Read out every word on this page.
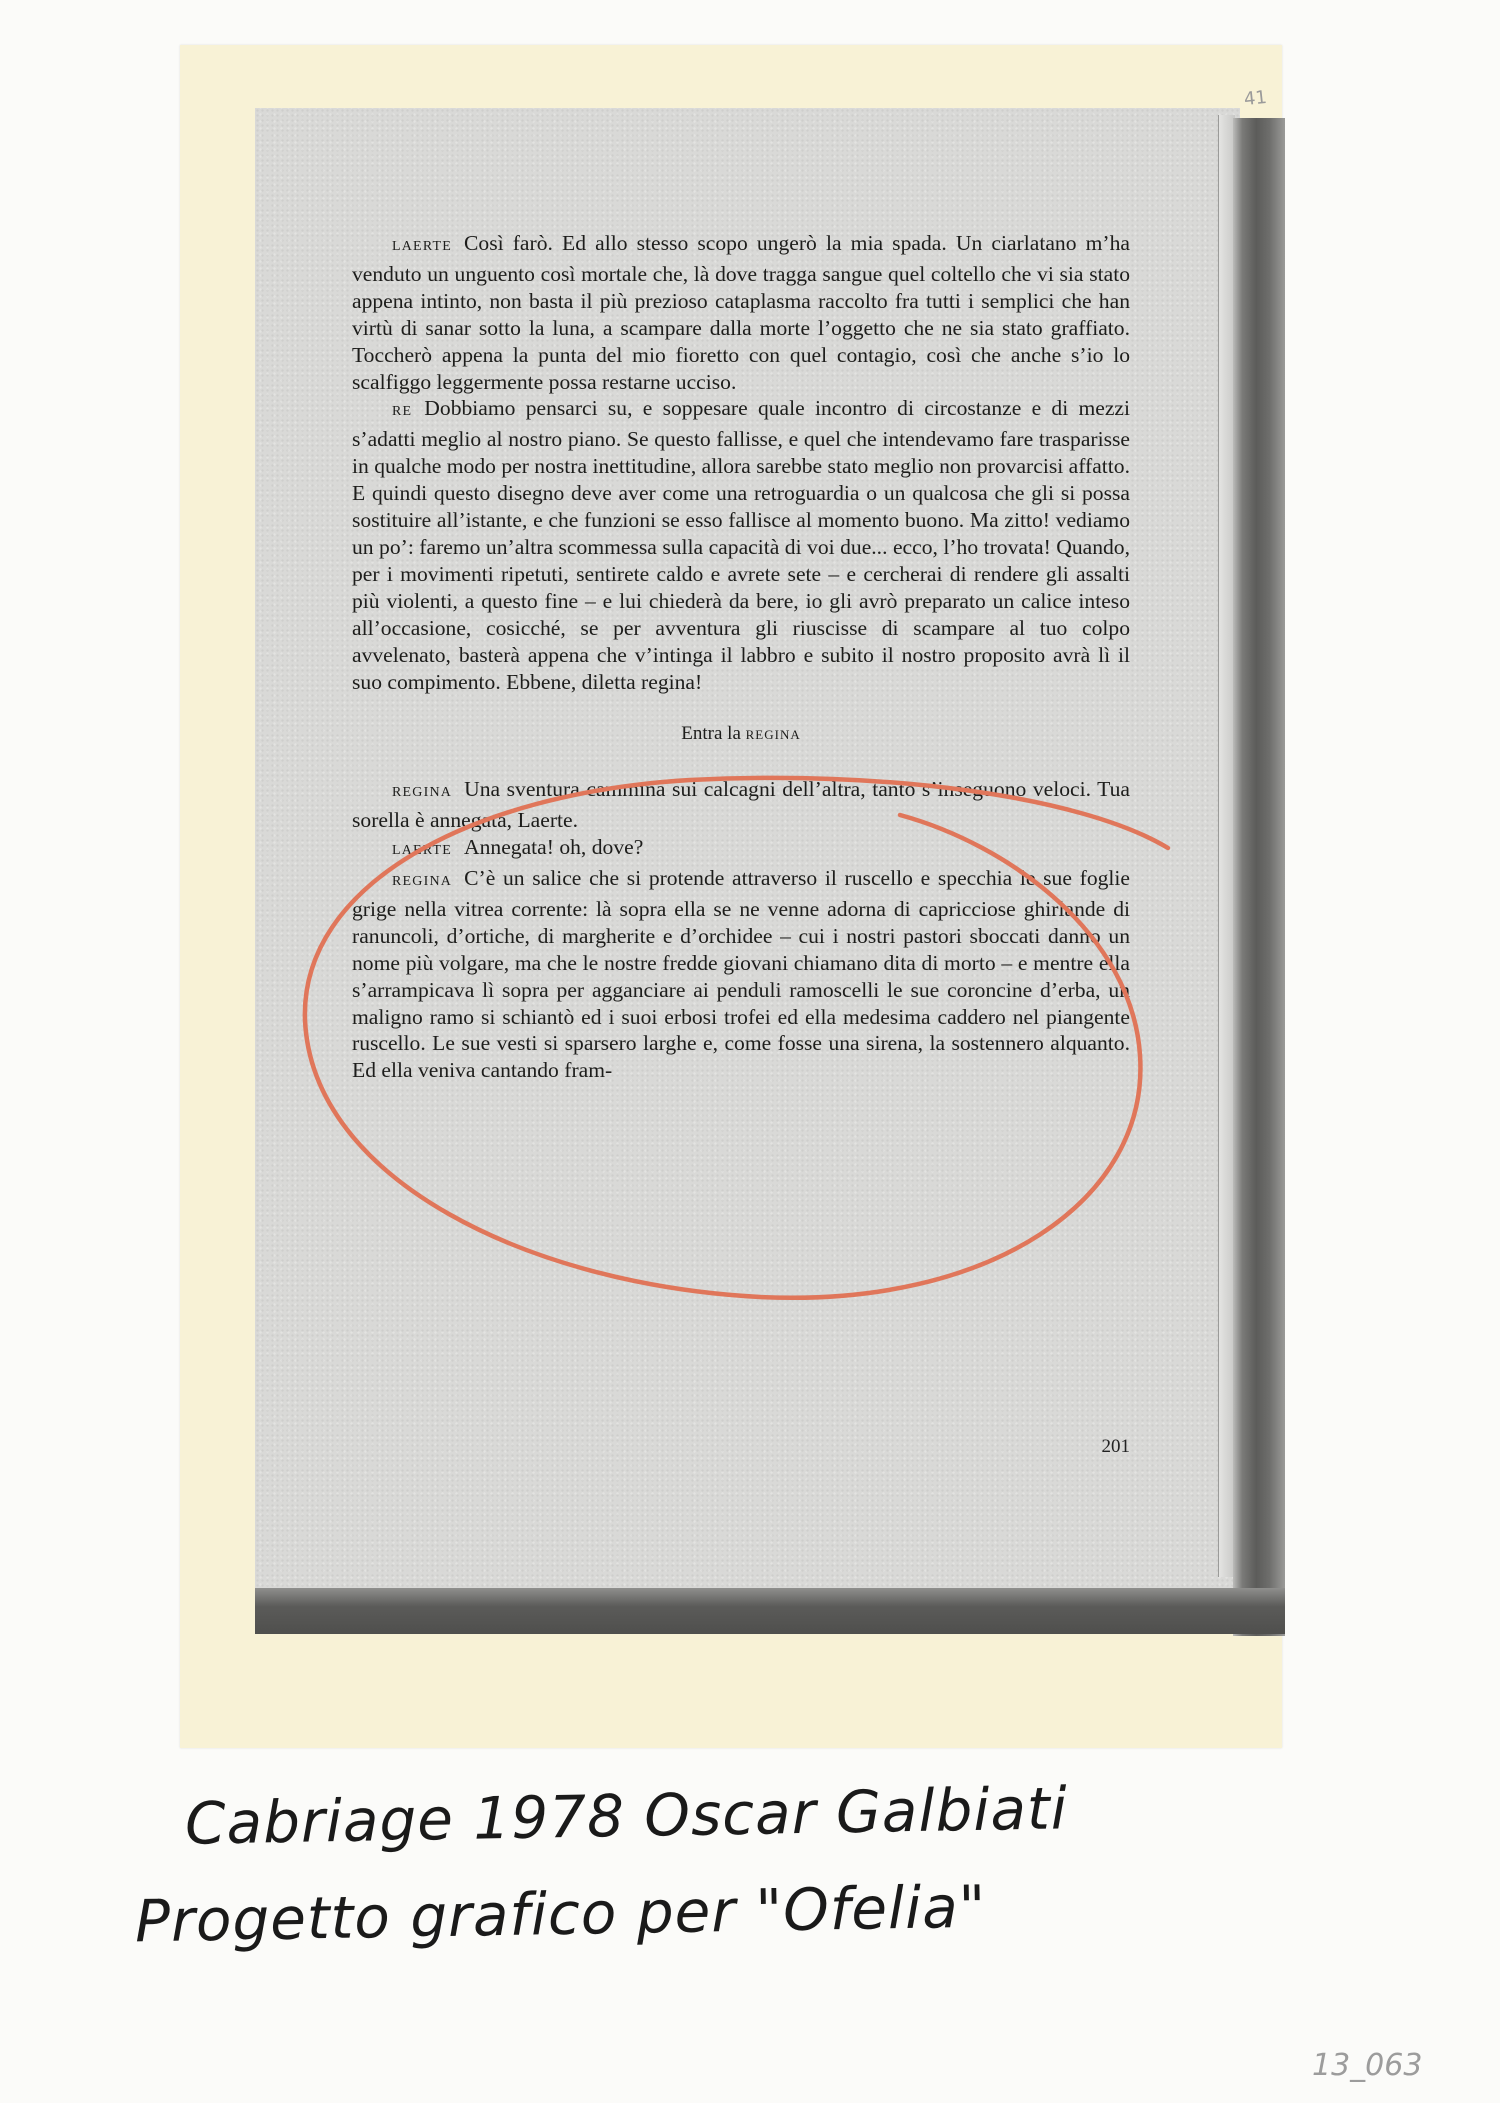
41

LAERTE Così farò. Ed allo stesso scopo ungerò la mia spada. Un ciarlatano m’ha venduto un unguento così mortale che, là dove tragga sangue quel coltello che vi sia stato appena intinto, non basta il più prezioso cataplasma raccolto fra tutti i semplici che han virtù di sanar sotto la luna, a scampare dalla morte l’oggetto che ne sia stato graffiato. Toccherò appena la punta del mio fioretto con quel contagio, così che anche s’io lo scalfiggo leggermente possa restarne ucciso.

RE Dobbiamo pensarci su, e soppesare quale incontro di circostanze e di mezzi s’adatti meglio al nostro piano. Se questo fallisse, e quel che intendevamo fare trasparisse in qualche modo per nostra inettitudine, allora sarebbe stato meglio non provarcisi affatto. E quindi questo disegno deve aver come una retroguardia o un qualcosa che gli si possa sostituire all’istante, e che funzioni se esso fallisce al momento buono. Ma zitto! vediamo un po’: faremo un’altra scommessa sulla capacità di voi due... ecco, l’ho trovata! Quando, per i movimenti ripetuti, sentirete caldo e avrete sete – e cercherai di rendere gli assalti più violenti, a questo fine – e lui chiederà da bere, io gli avrò preparato un calice inteso all’occasione, cosicché, se per avventura gli riuscisse di scampare al tuo colpo avvelenato, basterà appena che v’intinga il labbro e subito il nostro proposito avrà lì il suo compimento. Ebbene, diletta regina!

Entra la REGINA

REGINA Una sventura cammina sui calcagni dell’altra, tanto s’inseguono veloci. Tua sorella è annegata, Laerte.

LAERTE Annegata! oh, dove?

REGINA C’è un salice che si protende attraverso il ruscello e specchia le sue foglie grige nella vitrea corrente: là sopra ella se ne venne adorna di capricciose ghirlande di ranuncoli, d’ortiche, di margherite e d’orchidee – cui i nostri pastori sboccati danno un nome più volgare, ma che le nostre fredde giovani chiamano dita di morto – e mentre ella s’arrampicava lì sopra per agganciare ai penduli ramoscelli le sue coroncine d’erba, un maligno ramo si schiantò ed i suoi erbosi trofei ed ella medesima caddero nel piangente ruscello. Le sue vesti si sparsero larghe e, come fosse una sirena, la sostennero alquanto. Ed ella veniva cantando fram-

201
Cabriage 1978 Oscar Galbiati
Progetto grafico per "Ofelia"
13_063
